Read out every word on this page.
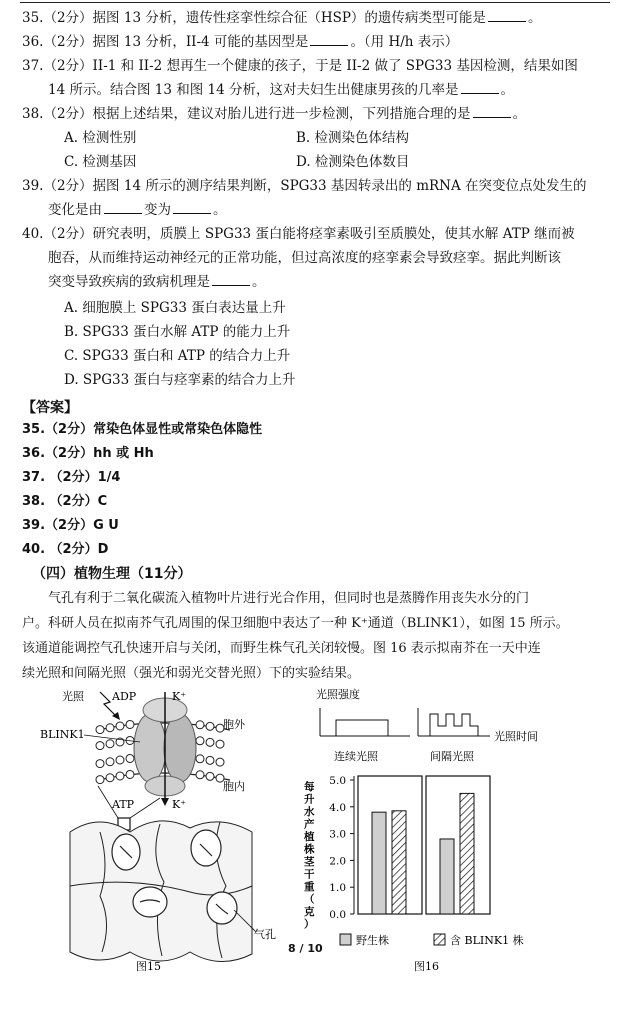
35.（2分）据图 13 分析，遗传性痉挛性综合征（HSP）的遗传病类型可能是	。
36.（2分）据图 13 分析，II-4 可能的基因型是	。（用 H/h 表示）
37.（2分）II-1 和 II-2 想再生一个健康的孩子，于是 II-2 做了 SPG33 基因检测，结果如图
14 所示。结合图 13 和图 14 分析，这对夫妇生出健康男孩的几率是	。
38.（2分）根据上述结果，建议对胎儿进行进一步检测，下列措施合理的是	。
A. 检测性别	B. 检测染色体结构
C. 检测基因	D. 检测染色体数目
39.（2分）据图 14 所示的测序结果判断，SPG33 基因转录出的 mRNA 在突变位点处发生的
变化是由	变为	。
40.（2分）研究表明，质膜上 SPG33 蛋白能将痉挛素吸引至质膜处，使其水解 ATP 继而被
胞吞，从而维持运动神经元的正常功能，但过高浓度的痉挛素会导致痉挛。据此判断该
突变导致疾病的致病机理是	。
A. 细胞膜上 SPG33 蛋白表达量上升
B. SPG33 蛋白水解 ATP 的能力上升
C. SPG33 蛋白和 ATP 的结合力上升
D. SPG33 蛋白与痉挛素的结合力上升
【答案】
35.（2分）常染色体显性或常染色体隐性
36.（2分）hh 或 Hh
37. （2分）1/4
38. （2分）C
39.（2分）G U
40. （2分）D
（四）植物生理（11分）

气孔有利于二氧化碳流入植物叶片进行光合作用，但同时也是蒸腾作用丧失水分的门

户。科研人员在拟南芥气孔周围的保卫细胞中表达了一种 K⁺通道（BLINK1），如图 15 所示。
该通道能调控气孔快速开启与关闭，而野生株气孔关闭较慢。图 16 表示拟南芥在一天中连
续光照和间隔光照（强光和弱光交替光照）下的实验结果。
光照	ADP	K⁺
BLINK1
胞外
胞内
ATP	K⁺
气孔
图15
8 / 10
光照强度
光照时间
连续光照	间隔光照
每升水产植株茎干重（克）
0.0
1.0
2.0
3.0
4.0
5.0
野生株	含 BLINK1 株
图16
